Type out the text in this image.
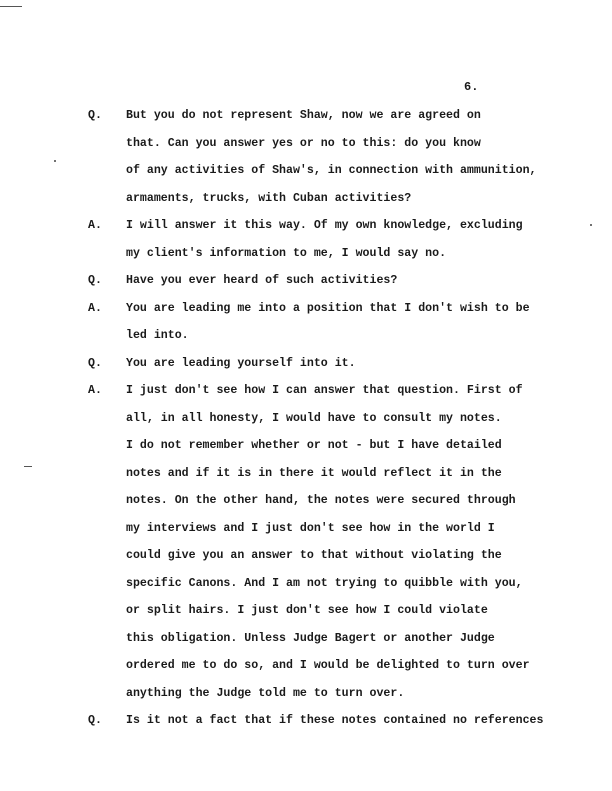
6.
Q.	But you do not represent Shaw, now we are agreed on
that. Can you answer yes or no to this: do you know
of any activities of Shaw's, in connection with ammunition,
armaments, trucks, with Cuban activities?
A.	I will answer it this way. Of my own knowledge, excluding
my client's information to me, I would say no.
Q.	Have you ever heard of such activities?
A.	You are leading me into a position that I don't wish to be
led into.
Q.	You are leading yourself into it.
A.	I just don't see how I can answer that question. First of
all, in all honesty, I would have to consult my notes.
I do not remember whether or not - but I have detailed
notes and if it is in there it would reflect it in the
notes. On the other hand, the notes were secured through
my interviews and I just don't see how in the world I
could give you an answer to that without violating the
specific Canons. And I am not trying to quibble with you,
or split hairs. I just don't see how I could violate
this obligation. Unless Judge Bagert or another Judge
ordered me to do so, and I would be delighted to turn over
anything the Judge told me to turn over.
Q.	Is it not a fact that if these notes contained no references
